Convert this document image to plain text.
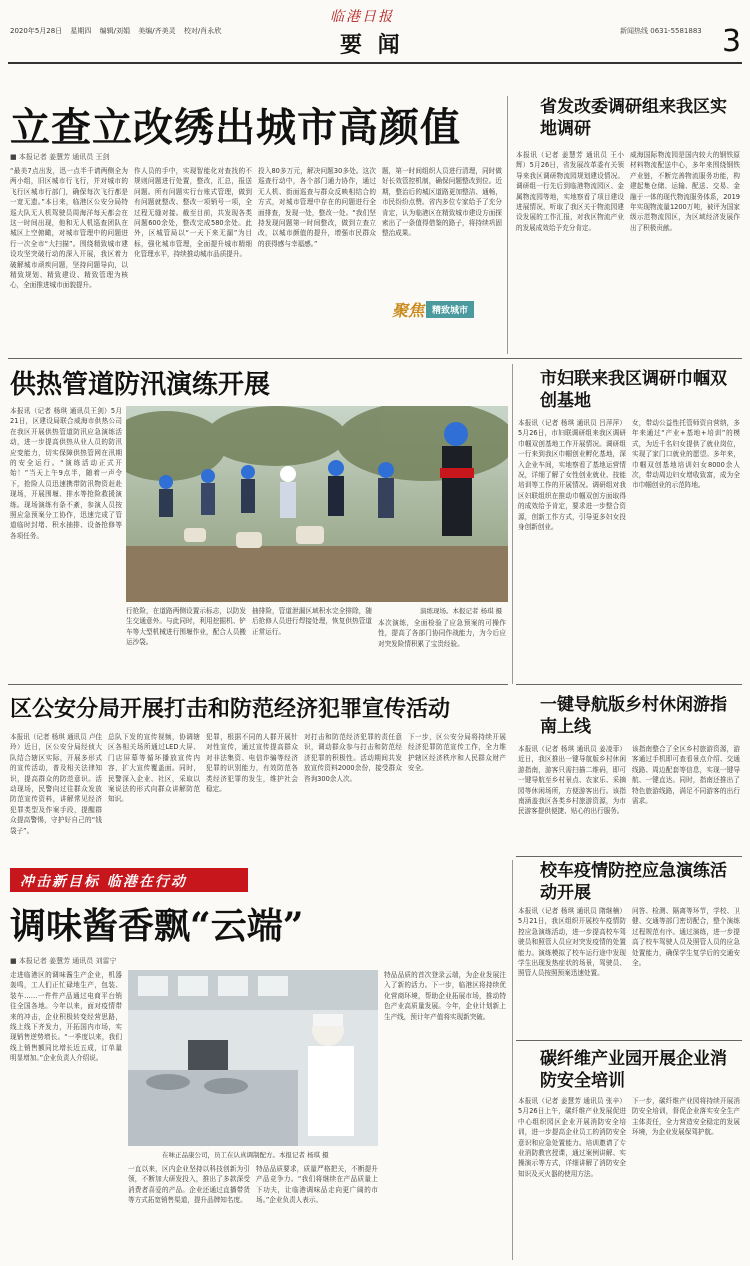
2020年5月28日 星期四 编辑/刘娟 美编/齐美灵 校对/肖永欣
临港日报
要 闻
新闻热线 0631-5581883 3
立查立改绣出城市高颜值
■ 本报记者 姜慧芳 通讯员 王剑
“最美7点出发，迅一点半千请两侧全为两小组，旧区城市行飞行，并对城市的飞行区城市行部门，确保每次飞行都是一宽无遗。”本日来，临港区公安分局特巡大队无人机驾驶员周海洋每天都会在这一时间出现，他和无人机巡查团队在城区上空俯瞰，对城市管理中的问题进行一次全市“大扫描”。围绕精致城市建设攻坚突破行动的深入开展，我区着力破解城市顽疾问题，坚持问题导向，以精致规划、精致建设、精致管理为核心，全面推进城市面貌提升。
作人员的手中，实现智能化对查找的不规则问题进行处置，整改，汇总，报送问题。所有问题实行台账式管理，做到有问题就整改、整改一项销号一项，全过程无缝对接。截至目前，共发现各类问题600余处，整改完成580余处。此外，区城管局以“一天下来无漏”为目标，强化城市管理，全面提升城市精细化管理水平，持续推动城市品质提升。
投入80多万元，解决问题30多处。这次巡查行动中，各个部门通力协作，通过无人机、街面巡查与群众反映相结合的方式，对城市管理中存在的问题进行全面排查，发现一处，整改一处。“我们坚持发现问题第一时间整改，做到立查立改，以城市颜值的提升，增强市民群众的获得感与幸福感。”
题，第一时间组织人员进行清理，同时做好长效管控机制，确保问题整改到位。近期，整治后的城区道路更加整洁、通畅，市民纷纷点赞。省内多位专家给予了充分肯定，认为临港区在精致城市建设方面探索出了一条值得借鉴的路子，将持续巩固整治成果。
聚焦 精致城市
省发改委调研组来我区实地调研
本报讯（记者 姜慧芳 通讯员 王小辉）5月26日，省发展改革委有关领导来我区调研物流园规划建设情况。调研组一行先后到临港物流园区、金属物流园等地，实地察看了项目建设进展情况，听取了我区关于物流园建设发展的工作汇报，对我区物流产业的发展成效给予充分肯定。
威海国际物流园是国内较大的钢铁原材料物流配送中心，多年来围绕钢铁产业链，不断完善物流服务功能，构建起集仓储、运输、配送、交易、金融于一体的现代物流服务体系，2019年实现物流量1200万吨，被评为国家级示范物流园区，为区域经济发展作出了积极贡献。
供热管道防汛演练开展
本报讯（记者 杨琪 通讯员王剑）5月21日，区建设局联合威海市供热公司在我区开展供热管道防汛应急演练活动，进一步提高供热从业人员的防汛应变能力，切实保障供热管网在汛期的安全运行。“演练活动正式开始！”当天上午9点半，随着一声令下，抢险人员迅速携带防汛物资赶赴现场，开展围堰、排水等抢险救援演练。现场演练有条不紊，参演人员按照应急预案分工协作，迅速完成了管道临时封堵、积水抽排、设备抢修等各项任务。
演练现场。本报记者 杨琪 摄
行抢险，在道路两侧设置示标志，以防发生交通意外。与此同时，利用挖掘机、铲车等大型机械进行围堰作业，配合人员搬运沙袋。
抽排险，管道泄漏区域积水完全排除，随后抢修人员进行焊接处理，恢复供热管道正常运行。
本次演练，全面检验了应急预案的可操作性，提高了各部门协同作战能力，为今后应对突发险情积累了宝贵经验。
市妇联来我区调研巾帼双创基地
本报讯（记者 杨琪 通讯员 吕萍萍）5月26日，市妇联调研组来我区调研巾帼双创基地工作开展情况。调研组一行来到我区巾帼创业孵化基地，深入企业车间，实地察看了基地运营情况，详细了解了女性创业就业、技能培训等工作的开展情况。调研组对我区妇联组织在推动巾帼双创方面取得的成效给予肯定，要求进一步整合资源，创新工作方式，引导更多妇女投身创新创业。
女，带动公益性托管师资自营纳，多年来通过“产业+基地+培训”的模式，为近千名妇女提供了就业岗位，实现了家门口就业的愿望。多年来，巾帼双创基地培训妇女8000余人次，带动周边妇女增收致富，成为全市巾帼创业的示范阵地。
区公安分局开展打击和防范经济犯罪宣传活动
本报讯（记者 杨琪 通讯员 卢佳玲）近日，区公安分局经侦大队结合辖区实际，开展多形式的宣传活动，普及相关法律知识，提高群众的防范意识。活动现场，民警向过往群众发放防范宣传资料，讲解常见经济犯罪类型及作案手段，提醒群众提高警惕，守护好自己的“钱袋子”。
总队下发的宣传视频，协调辖区各相关场所通过LED大屏、门店屏幕等循环播放宣传内容，扩大宣传覆盖面。同时，民警深入企业、社区，采取以案说法的形式向群众讲解防范知识。
犯罪，根据不同的人群开展针对性宣传，通过宣传提高群众对非法集资、电信诈骗等经济犯罪的识别能力，有效防范各类经济犯罪的发生，维护社会稳定。
对打击和防范经济犯罪的责任意识，调动群众参与打击和防范经济犯罪的积极性。活动期间共发放宣传资料2000余份，接受群众咨询300余人次。
下一步，区公安分局将持续开展经济犯罪防范宣传工作，全力维护辖区经济秩序和人民群众财产安全。
一键导航版乡村休闲游指南上线
本报讯（记者 杨琪 通讯员 姜凌菲）近日，我区推出一键导航版乡村休闲游指南，游客只需扫描二维码，即可一键导航至乡村景点、农家乐、采摘园等休闲场所，方便游客出行。该指南涵盖我区各类乡村旅游资源，为市民游客提供便捷、贴心的出行服务。
该指南整合了全区乡村旅游资源，游客通过手机即可查看景点介绍、交通线路、周边配套等信息，实现一键导航、一键直达。同时，指南还推出了特色旅游线路，满足不同游客的出行需求。
冲击新目标 临港在行动
校车疫情防控应急演练活动开展
本报讯（记者 杨琪 通讯员 隋继楠）5月21日，我区组织开展校车疫情防控应急演练活动，进一步提高校车驾驶员和照管人员应对突发疫情的处置能力。演练模拟了校车运行途中发现学生出现发热症状的场景，驾驶员、照管人员按照预案迅速处置。
问答、检测、隔离等环节，学校、卫健、交通等部门密切配合，整个演练过程规范有序。通过演练，进一步提高了校车驾驶人员及照管人员的应急处置能力，确保学生复学后的交通安全。
碳纤维产业园开展企业消防安全培训
本报讯（记者 姜慧芳 通讯员 张辛）5月26日上午，碳纤维产业发展促进中心组织园区企业开展消防安全培训，进一步提高企业员工的消防安全意识和应急处置能力。培训邀请了专业消防教官授课，通过案例讲解、实操演示等方式，详细讲解了消防安全知识及灭火器的使用方法。
下一步，碳纤维产业园将持续开展消防安全培训，督促企业落实安全生产主体责任，全力营造安全稳定的发展环境，为企业发展保驾护航。
调味酱香飘“云端”
■ 本报记者 姜慧芳 通讯员 刘雷宁
走进临港区的调味酱生产企业，机器轰鸣，工人们正忙碌地生产，包装、装车……一件件产品通过电商平台销往全国各地。今年以来，面对疫情带来的冲击，企业积极转变经营思路，线上线下齐发力，开拓国内市场，实现销售逆势增长。“一季度以来，我们线上销售额同比增长近五成，订单量明显增加。”企业负责人介绍说。
在味正品康公司，员工在认真调制配方。本报记者 杨琪 摄
一直以来，区内企业坚持以科技创新为引领，不断加大研发投入，推出了多款深受消费者喜爱的产品。企业还通过直播带货等方式拓宽销售渠道，提升品牌知名度。
特品品质要求，质量严格把关，不断提升产品竞争力。“我们将继续在产品质量上下功夫，让临港调味品走向更广阔的市场。”企业负责人表示。
特品品质的首次登录云端，为企业发展注入了新的活力。下一步，临港区将持续优化营商环境，帮助企业拓展市场，推动特色产业高质量发展。今年，企业计划新上生产线，预计年产值将实现新突破。
